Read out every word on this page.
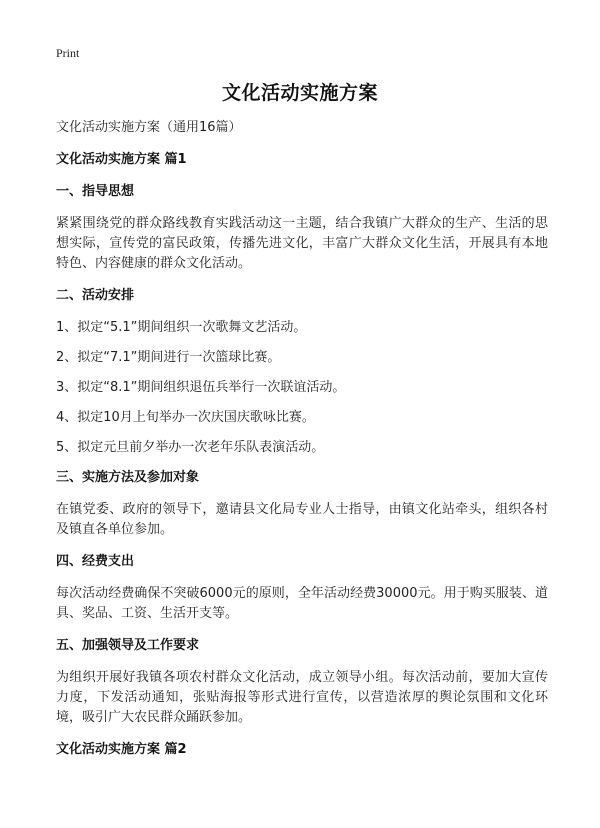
Print
文化活动实施方案
文化活动实施方案（通用16篇）
文化活动实施方案 篇1
一、指导思想
紧紧围绕党的群众路线教育实践活动这一主题，结合我镇广大群众的生产、生活的思想实际，宣传党的富民政策，传播先进文化，丰富广大群众文化生活，开展具有本地特色、内容健康的群众文化活动。
二、活动安排
1、拟定“5.1”期间组织一次歌舞文艺活动。
2、拟定“7.1”期间进行一次篮球比赛。
3、拟定“8.1”期间组织退伍兵举行一次联谊活动。
4、拟定10月上旬举办一次庆国庆歌咏比赛。
5、拟定元旦前夕举办一次老年乐队表演活动。
三、实施方法及参加对象
在镇党委、政府的领导下，邀请县文化局专业人士指导，由镇文化站牵头，组织各村及镇直各单位参加。
四、经费支出
每次活动经费确保不突破6000元的原则，全年活动经费30000元。用于购买服装、道具、奖品、工资、生活开支等。
五、加强领导及工作要求
为组织开展好我镇各项农村群众文化活动，成立领导小组。每次活动前，要加大宣传力度，下发活动通知，张贴海报等形式进行宣传，以营造浓厚的舆论氛围和文化环境，吸引广大农民群众踊跃参加。
文化活动实施方案 篇2
